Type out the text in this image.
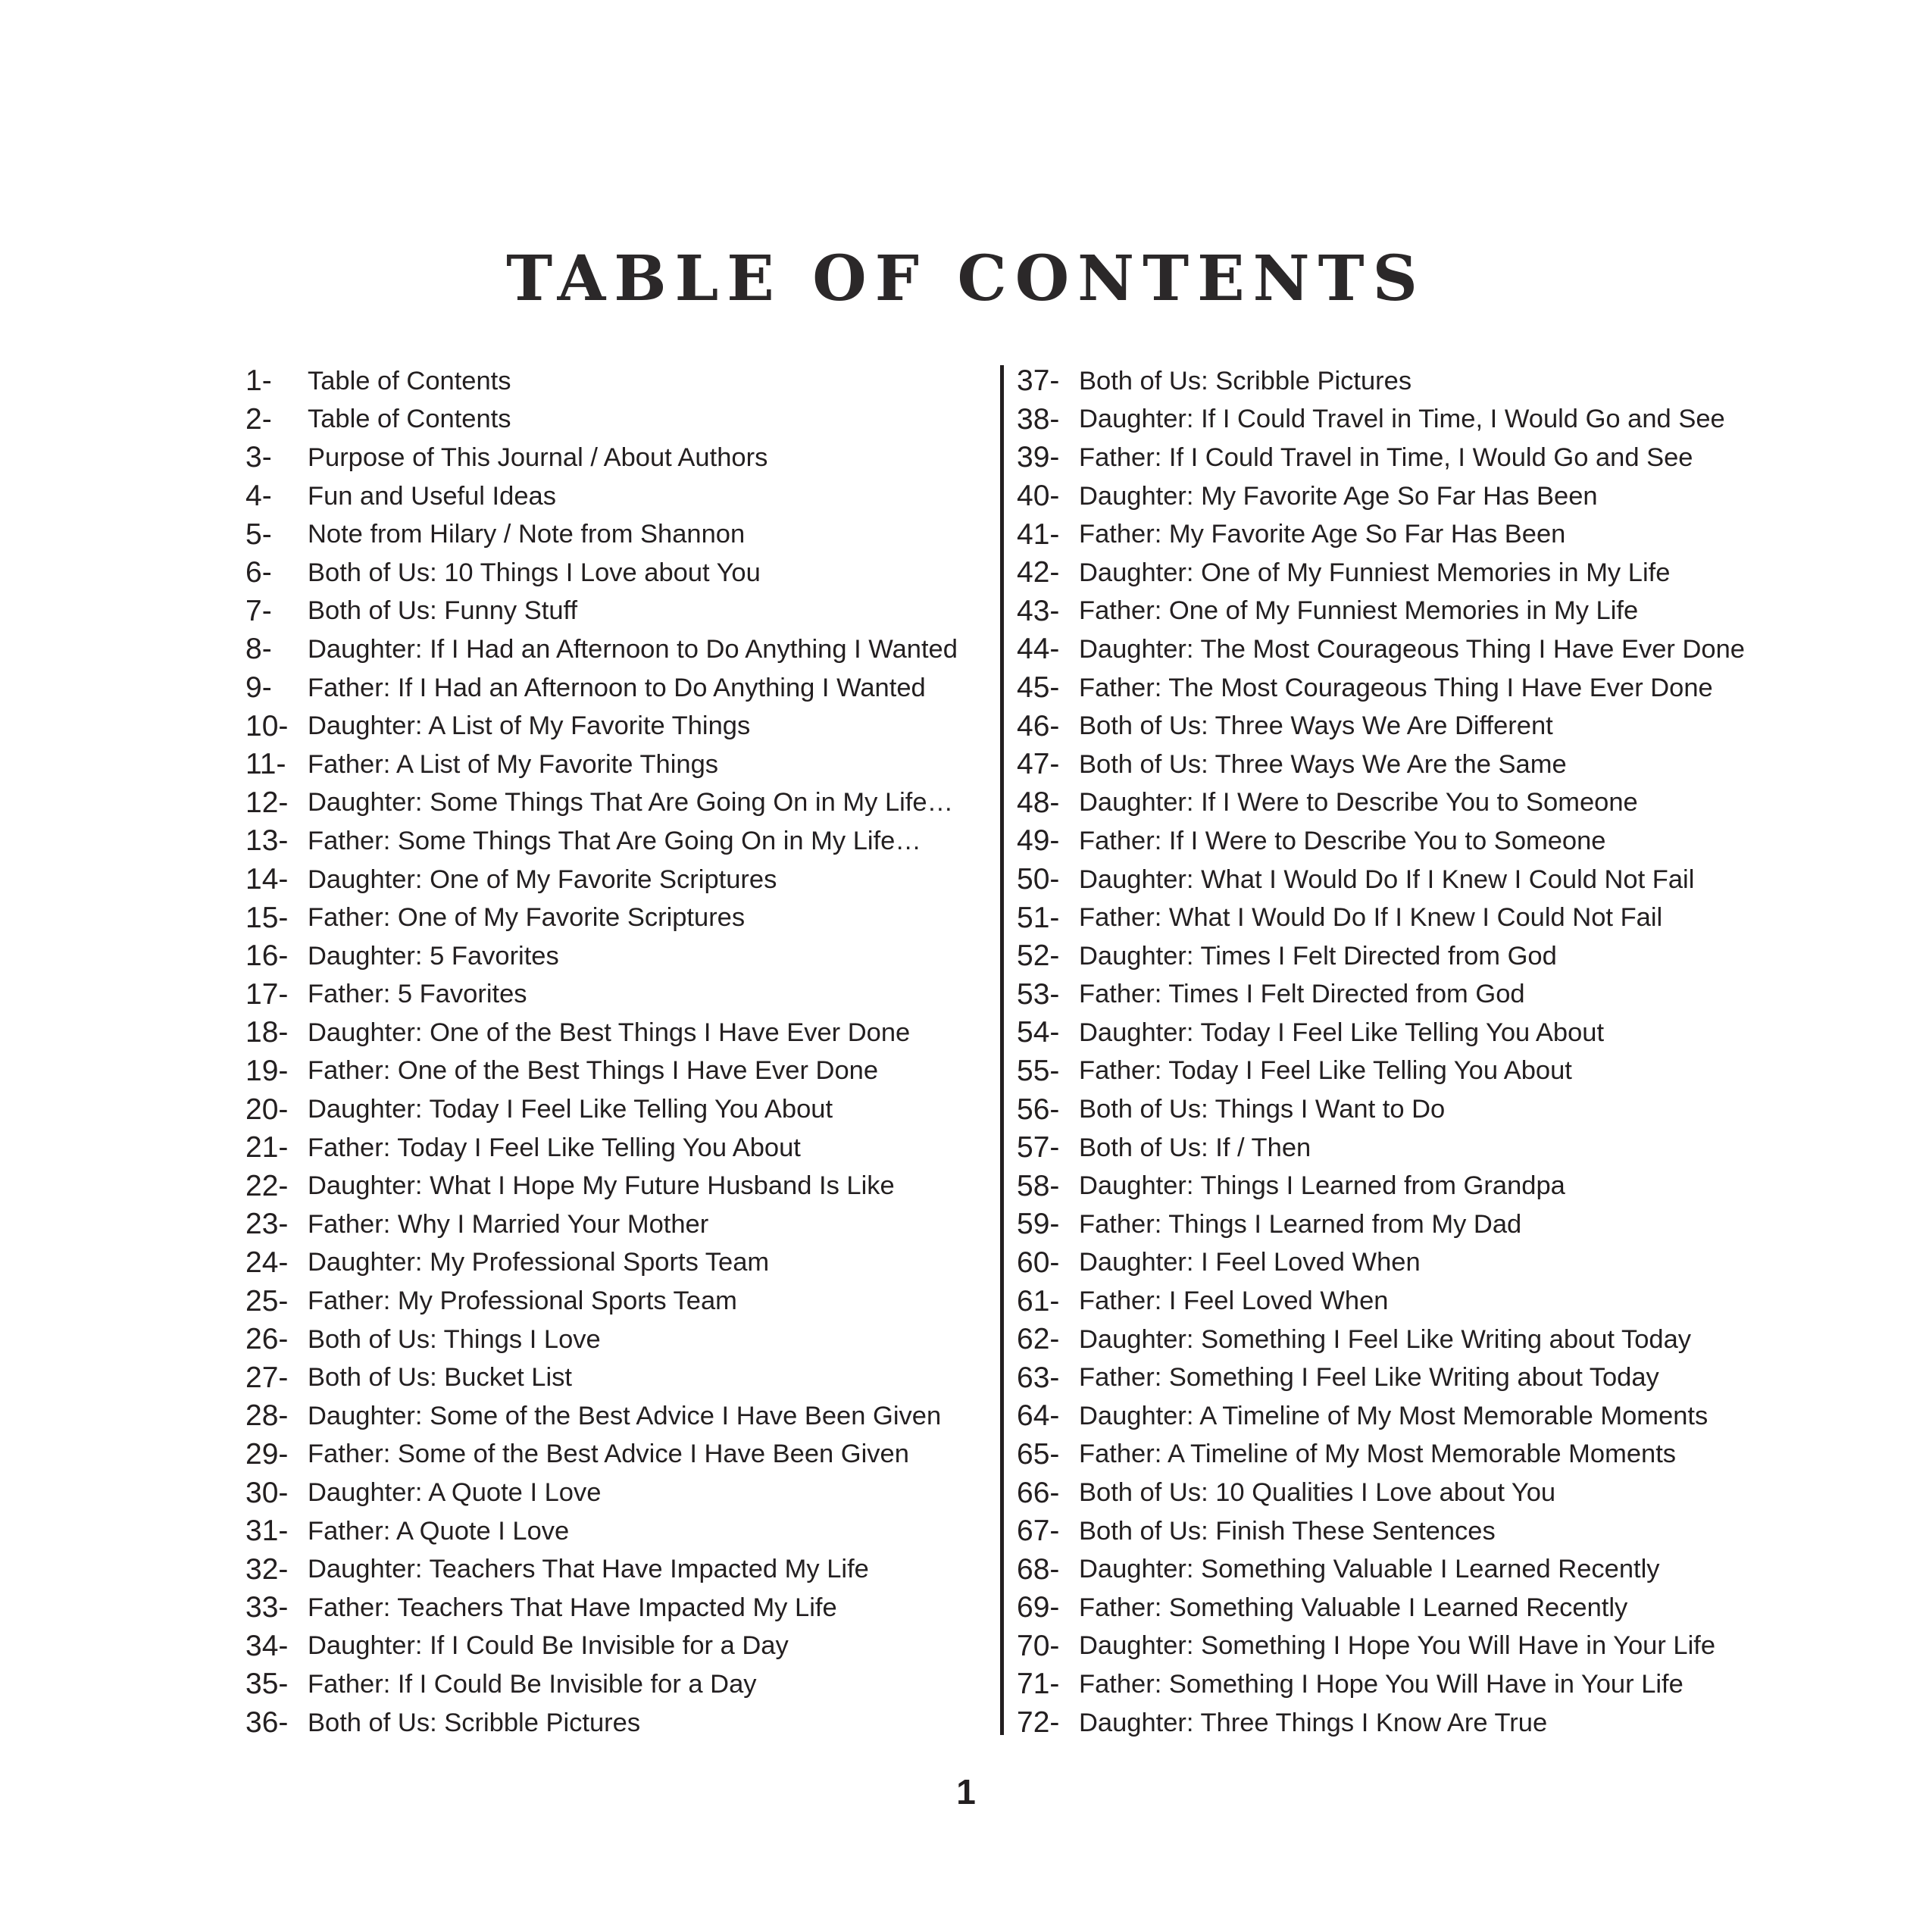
TABLE OF CONTENTS
1-	Table of Contents
2-	Table of Contents
3-	Purpose of This Journal / About Authors
4-	Fun and Useful Ideas
5-	Note from Hilary / Note from Shannon
6-	Both of Us: 10 Things I Love about You
7-	Both of Us: Funny Stuff
8-	Daughter: If I Had an Afternoon to Do Anything I Wanted
9-	Father: If I Had an Afternoon to Do Anything I Wanted
10- Daughter: A List of My Favorite Things
11- Father: A List of My Favorite Things
12- Daughter: Some Things That Are Going On in My Life…
13- Father: Some Things That Are Going On in My Life…
14- Daughter: One of My Favorite Scriptures
15- Father: One of My Favorite Scriptures
16- Daughter: 5 Favorites
17- Father: 5 Favorites
18- Daughter: One of the Best Things I Have Ever Done
19- Father: One of the Best Things I Have Ever Done
20- Daughter: Today I Feel Like Telling You About
21- Father: Today I Feel Like Telling You About
22- Daughter: What I Hope My Future Husband Is Like
23- Father: Why I Married Your Mother
24- Daughter: My Professional Sports Team
25- Father: My Professional Sports Team
26- Both of Us: Things I Love
27- Both of Us: Bucket List
28- Daughter: Some of the Best Advice I Have Been Given
29- Father: Some of the Best Advice I Have Been Given
30- Daughter: A Quote I Love
31- Father: A Quote I Love
32- Daughter: Teachers That Have Impacted My Life
33- Father: Teachers That Have Impacted My Life
34- Daughter: If I Could Be Invisible for a Day
35- Father: If I Could Be Invisible for a Day
36- Both of Us: Scribble Pictures
37- Both of Us: Scribble Pictures
38- Daughter: If I Could Travel in Time, I Would Go and See
39- Father: If I Could Travel in Time, I Would Go and See
40- Daughter: My Favorite Age So Far Has Been
41- Father: My Favorite Age So Far Has Been
42- Daughter: One of My Funniest Memories in My Life
43- Father: One of My Funniest Memories in My Life
44- Daughter: The Most Courageous Thing I Have Ever Done
45- Father: The Most Courageous Thing I Have Ever Done
46- Both of Us: Three Ways We Are Different
47- Both of Us: Three Ways We Are the Same
48- Daughter: If I Were to Describe You to Someone
49- Father: If I Were to Describe You to Someone
50- Daughter: What I Would Do If I Knew I Could Not Fail
51- Father: What I Would Do If I Knew I Could Not Fail
52- Daughter: Times I Felt Directed from God
53- Father: Times I Felt Directed from God
54- Daughter: Today I Feel Like Telling You About
55- Father: Today I Feel Like Telling You About
56- Both of Us: Things I Want to Do
57- Both of Us: If / Then
58- Daughter: Things I Learned from Grandpa
59- Father: Things I Learned from My Dad
60- Daughter: I Feel Loved When
61- Father: I Feel Loved When
62- Daughter: Something I Feel Like Writing about Today
63- Father: Something I Feel Like Writing about Today
64- Daughter: A Timeline of My Most Memorable Moments
65- Father: A Timeline of My Most Memorable Moments
66- Both of Us: 10 Qualities I Love about You
67- Both of Us: Finish These Sentences
68- Daughter: Something Valuable I Learned Recently
69- Father: Something Valuable I Learned Recently
70- Daughter: Something I Hope You Will Have in Your Life
71- Father: Something I Hope You Will Have in Your Life
72- Daughter: Three Things I Know Are True
1
